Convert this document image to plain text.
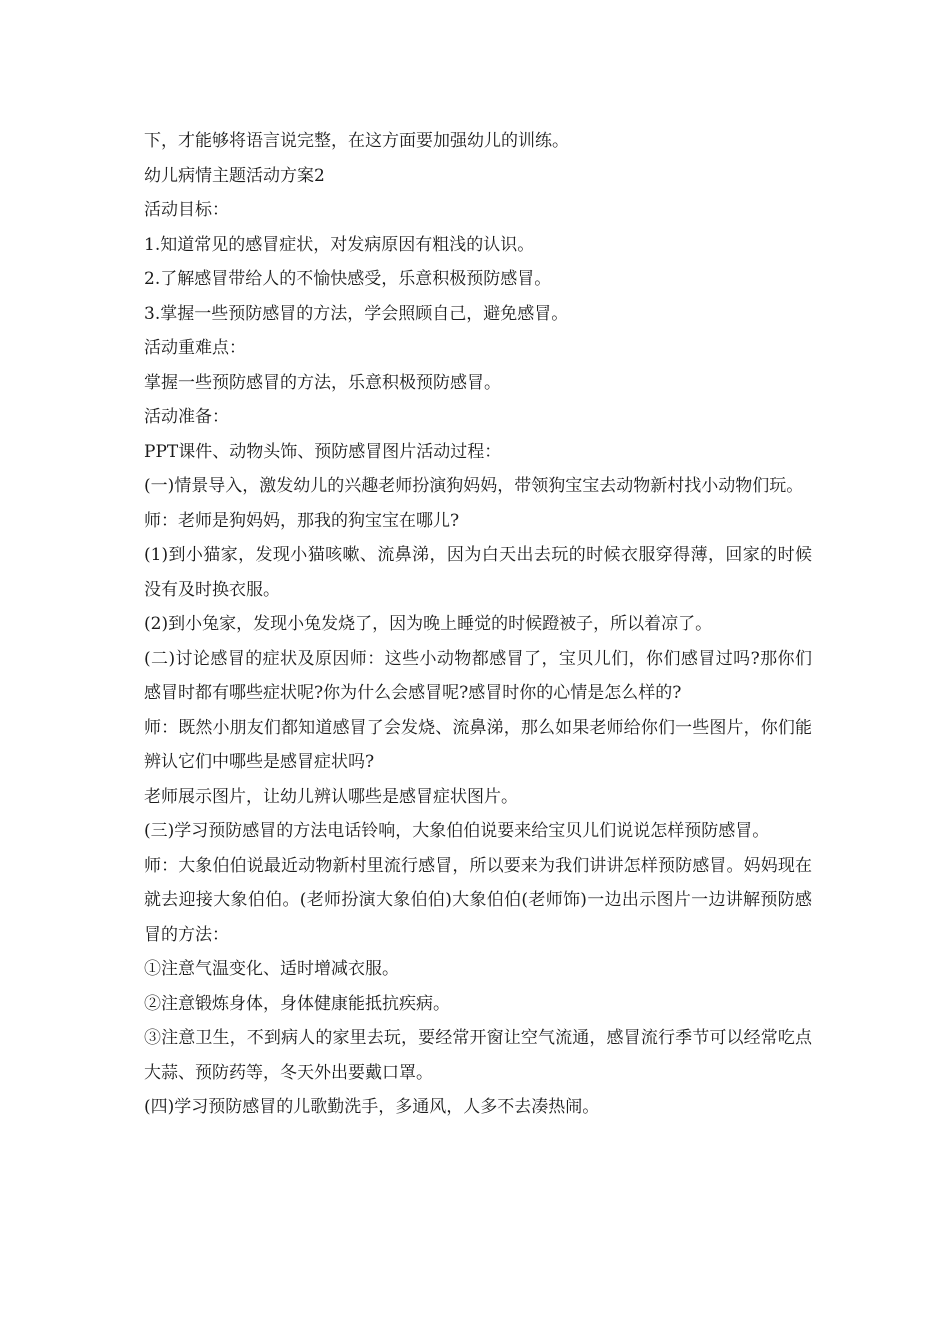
下，才能够将语言说完整，在这方面要加强幼儿的训练。

幼儿病情主题活动方案2

活动目标：

1.知道常见的感冒症状，对发病原因有粗浅的认识。

2.了解感冒带给人的不愉快感受，乐意积极预防感冒。

3.掌握一些预防感冒的方法，学会照顾自己，避免感冒。

活动重难点：

掌握一些预防感冒的方法，乐意积极预防感冒。

活动准备：

PPT课件、动物头饰、预防感冒图片活动过程：

(一)情景导入，激发幼儿的兴趣老师扮演狗妈妈，带领狗宝宝去动物新村找小动物们玩。

师：老师是狗妈妈，那我的狗宝宝在哪儿?

(1)到小猫家，发现小猫咳嗽、流鼻涕，因为白天出去玩的时候衣服穿得薄，回家的时候没有及时换衣服。

(2)到小兔家，发现小兔发烧了，因为晚上睡觉的时候蹬被子，所以着凉了。

(二)讨论感冒的症状及原因师：这些小动物都感冒了，宝贝儿们，你们感冒过吗?那你们感冒时都有哪些症状呢?你为什么会感冒呢?感冒时你的心情是怎么样的?

师：既然小朋友们都知道感冒了会发烧、流鼻涕，那么如果老师给你们一些图片，你们能辨认它们中哪些是感冒症状吗?

老师展示图片，让幼儿辨认哪些是感冒症状图片。

(三)学习预防感冒的方法电话铃响，大象伯伯说要来给宝贝儿们说说怎样预防感冒。

师：大象伯伯说最近动物新村里流行感冒，所以要来为我们讲讲怎样预防感冒。妈妈现在就去迎接大象伯伯。(老师扮演大象伯伯)大象伯伯(老师饰)一边出示图片一边讲解预防感冒的方法：

①注意气温变化、适时增减衣服。

②注意锻炼身体，身体健康能抵抗疾病。

③注意卫生，不到病人的家里去玩，要经常开窗让空气流通，感冒流行季节可以经常吃点大蒜、预防药等，冬天外出要戴口罩。

(四)学习预防感冒的儿歌勤洗手，多通风，人多不去凑热闹。
